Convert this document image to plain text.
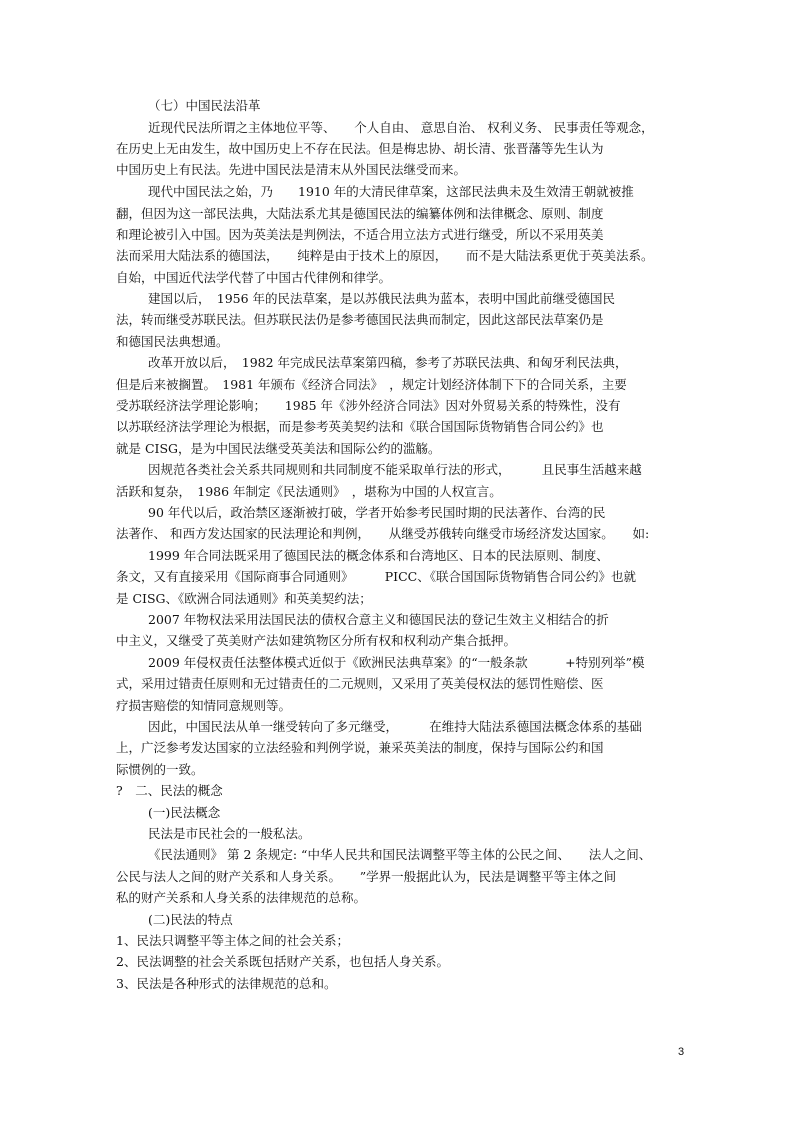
（七）中国民法沿革
近现代民法所谓之主体地位平等、　　个人自由、 意思自治、 权利义务、 民事责任等观念，
在历史上无由发生，故中国历史上不存在民法。但是梅忠协、胡长清、张晋藩等先生认为
中国历史上有民法。先进中国民法是清末从外国民法继受而来。
现代中国民法之始，乃　　1910 年的大清民律草案，这部民法典未及生效清王朝就被推
翻，但因为这一部民法典，大陆法系尤其是德国民法的编纂体例和法律概念、原则、制度
和理论被引入中国。因为英美法是判例法，不适合用立法方式进行继受，所以不采用英美
法而采用大陆法系的德国法，　　纯粹是由于技术上的原因，　　而不是大陆法系更优于英美法系。
自始，中国近代法学代替了中国古代律例和律学。
建国以后，　1956 年的民法草案，是以苏俄民法典为蓝本，表明中国此前继受德国民
法，转而继受苏联民法。但苏联民法仍是参考德国民法典而制定，因此这部民法草案仍是
和德国民法典想通。
改革开放以后，　1982 年完成民法草案第四稿，参考了苏联民法典、和匈牙利民法典，
但是后来被搁置。　1981 年颁布《经济合同法》　，规定计划经济体制下下的合同关系，主要
受苏联经济法学理论影响；　　1985 年《涉外经济合同法》因对外贸易关系的特殊性，没有
以苏联经济法学理论为根据，而是参考英美契约法和《联合国国际货物销售合同公约》也
就是 CISG，是为中国民法继受英美法和国际公约的滥觞。
因规范各类社会关系共同规则和共同制度不能采取单行法的形式，　　　且民事生活越来越
活跃和复杂，　1986 年制定《民法通则》　，堪称为中国的人权宣言。
90 年代以后，政治禁区逐渐被打破，学者开始参考民国时期的民法著作、台湾的民
法著作、 和西方发达国家的民法理论和判例，　　从继受苏俄转向继受市场经济发达国家。　　如:
1999 年合同法既采用了德国民法的概念体系和台湾地区、日本的民法原则、制度、
条文，又有直接采用《国际商事合同通则》　　　PICC、《联合国国际货物销售合同公约》也就
是 CISG、《欧洲合同法通则》和英美契约法；
2007 年物权法采用法国民法的债权合意主义和德国民法的登记生效主义相结合的折
中主义，又继受了英美财产法如建筑物区分所有权和权利动产集合抵押。
2009 年侵权责任法整体模式近似于《欧洲民法典草案》的“一般条款　　　+特别列举”模
式，采用过错责任原则和无过错责任的二元规则，又采用了英美侵权法的惩罚性赔偿、医
疗损害赔偿的知情同意规则等。
因此，中国民法从单一继受转向了多元继受，　　　在维持大陆法系德国法概念体系的基础
上，广泛参考发达国家的立法经验和判例学说，兼采英美法的制度，保持与国际公约和国
际惯例的一致。
?　二、民法的概念
(一)民法概念
民法是市民社会的一般私法。
《民法通则》 第 2 条规定: “中华人民共和国民法调整平等主体的公民之间、　　法人之间、
公民与法人之间的财产关系和人身关系。　　”学界一般据此认为，民法是调整平等主体之间
私的财产关系和人身关系的法律规范的总称。
(二)民法的特点
1、民法只调整平等主体之间的社会关系；
2、民法调整的社会关系既包括财产关系，也包括人身关系。
3、民法是各种形式的法律规范的总和。
3
